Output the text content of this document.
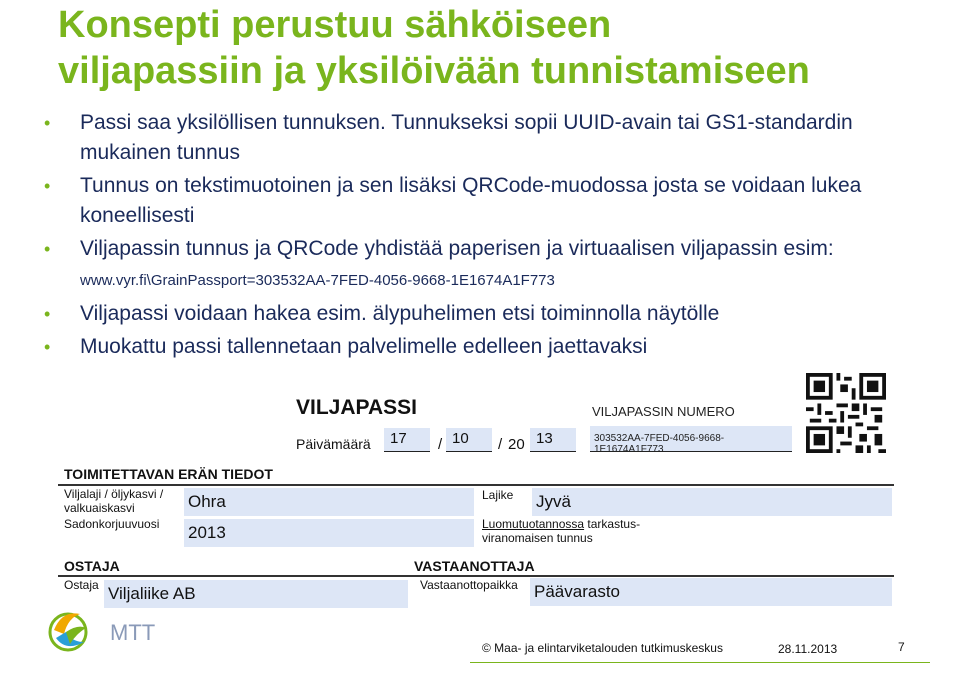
Konsepti perustuu sähköiseen
viljapassiin ja yksilöivään tunnistamiseen
• Passi saa yksilöllisen tunnuksen. Tunnukseksi sopii UUID-avain tai GS1-standardin mukainen tunnus
• Tunnus on tekstimuotoinen ja sen lisäksi QRCode-muodossa josta se voidaan lukea koneellisesti
• Viljapassin tunnus ja QRCode yhdistää paperisen ja virtuaalisen viljapassin esim: www.vyr.fi\GrainPassport=303532AA-7FED-4056-9668-1E1674A1F773
• Viljapassi voidaan hakea esim. älypuhelimen etsi toiminnolla näytölle
• Muokattu passi tallennetaan palvelimelle edelleen jaettavaksi
VILJAPASSI
Päivämäärä	17	/ 10	/ 20 13
VILJAPASSIN NUMERO
303532AA-7FED-4056-9668-1E1674A1F773
TOIMITETTAVAN ERÄN TIEDOT
Viljalaji / öljykasvi / valkuaiskasvi	Ohra	Lajike Jyvä
Sadonkorjuuvuosi 2013	Luomutuotannossa tarkastus-viranomaisen tunnus
OSTAJA	VASTAANOTTAJA
Ostaja Viljaliike AB	Vastaanottopaikka Päävarasto
MTT
© Maa- ja elintarviketalouden tutkimuskeskus	28.11.2013	7
